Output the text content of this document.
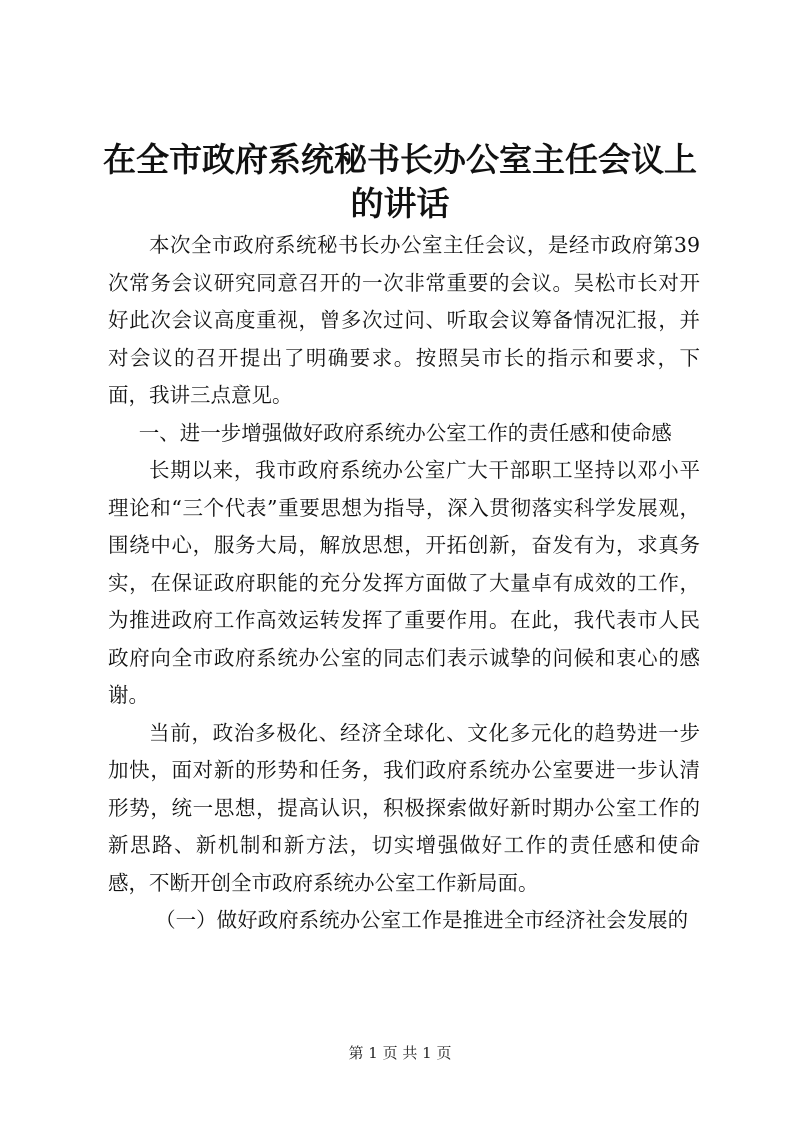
在全市政府系统秘书长办公室主任会议上的讲话

本次全市政府系统秘书长办公室主任会议，是经市政府第39次常务会议研究同意召开的一次非常重要的会议。吴松市长对开好此次会议高度重视，曾多次过问、听取会议筹备情况汇报，并对会议的召开提出了明确要求。按照吴市长的指示和要求，下面，我讲三点意见。

一、进一步增强做好政府系统办公室工作的责任感和使命感

长期以来，我市政府系统办公室广大干部职工坚持以邓小平理论和“三个代表”重要思想为指导，深入贯彻落实科学发展观，围绕中心，服务大局，解放思想，开拓创新，奋发有为，求真务实，在保证政府职能的充分发挥方面做了大量卓有成效的工作，为推进政府工作高效运转发挥了重要作用。在此，我代表市人民政府向全市政府系统办公室的同志们表示诚挚的问候和衷心的感谢。

当前，政治多极化、经济全球化、文化多元化的趋势进一步加快，面对新的形势和任务，我们政府系统办公室要进一步认清形势，统一思想，提高认识，积极探索做好新时期办公室工作的新思路、新机制和新方法，切实增强做好工作的责任感和使命感，不断开创全市政府系统办公室工作新局面。

（一）做好政府系统办公室工作是推进全市经济社会发展的

第 1 页 共 1 页
